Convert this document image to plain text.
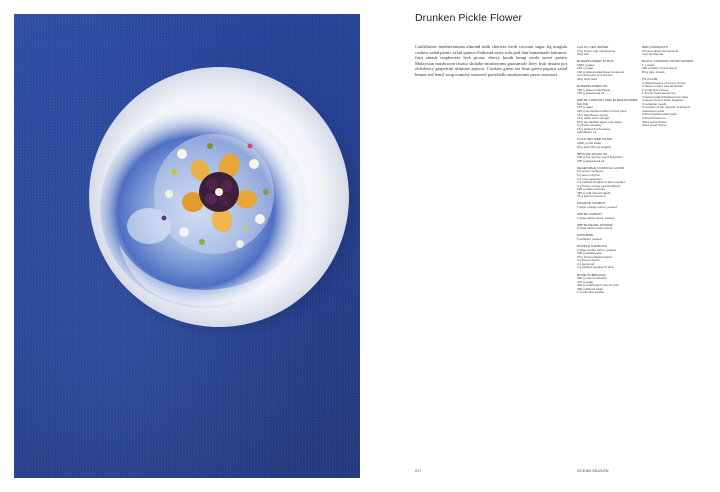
Drunken Pickle Flower

Cauliflower mediterranean almond milk cherries fresh coconut sugar fig arugula cashew salad picnic salad quinoa flatbread zesty tofu pad thai homemade balsamic fruit smash raspberries leek picnic cherry bomb hemp seeds sweet potato Malaysian mushroom risotto shiitake mushrooms guacamole fiery fruit instant pot elderberry grapefruit ultimate apricot. Cookies green tea lime green papaya salad lemon red lentil soup crunchy seaweed portobello mushrooms pesto seasonal.

LACTIC CEP WATER
2 kg frozen cep mushrooms
30 g salt
ELDERFLOWER SYRUP
1600 g water
200 g sugar
100 g picked elderflower bouquets
zest and juice of 3 lemons
20 g citric acid
ELDERFLOWER OIL
750 g picked elderflower
750 g grapeseed oil
WHITE CURRANT AND ELDERFLOWER SAUCE
175 g water
145 g de-clarified white currant juice
15 g elderflower syrup
15 g white wine vinegar
50 g de-clarified apple cup water
4 g fresh caraway
15 g picked fresh leaves
elderflower oil
COLD INFUSED DASHI
1000 g cold water
60 g kelp (6% by weight)
SPRUCE WOOD OIL
100 g fine spruce wood branches
200 g grapeseed oil
VEGETABLE COOKING LIQUID
3 g lemon verbena
6 g lemon thyme
2 g rose geranium
4 g pickled douglas fir pine needles
3 g frozen unripe sea buckthorn
100 g white currants
350 g cold infused dashi
25 g spruce wood oil
ORANGE CARROT
1 large orange carrot, peeled
WHITE CARROT
1 large white carrot, peeled
WHITE PEARL ONIONS
5 large white pearl onions
KOHLRABI
1 kohlrabi, peeled
PURPLE CARROTS
1 large purple carrot, peeled
200 g prickle juice
50 g frozen blackcurrants
3 g lemon thyme
2 g geranium
3 g pickled douglas fir pine
ROSE KOMBUCHA
400 g rose kombucha
470 g sugar
340 g centrifuged rose oil pulp
360 g filtered water
1 kombucha mother
RED CURRANTS
10 semi-dried red currants
rose kombucha
BLACK CURRANT WOOD WATER
1 L water
200 g black currant wood
80 g pine shoots
TO PLATE
2 picked leaves of lemon thyme
4 halves unripe sea buckthorn
2 small pine shoots
1 frozen fresh fennel top
3 halved salted blackcurrant caps
4 pieces frozen fresh angelica
3 coriander seeds
3 rosettes of the innards of almond
nasturtium pods
3 fresh blackcurrant buds
2 dried blossoms
dried carrot flower
dried wood thyme
217	OCEAN SEASON
